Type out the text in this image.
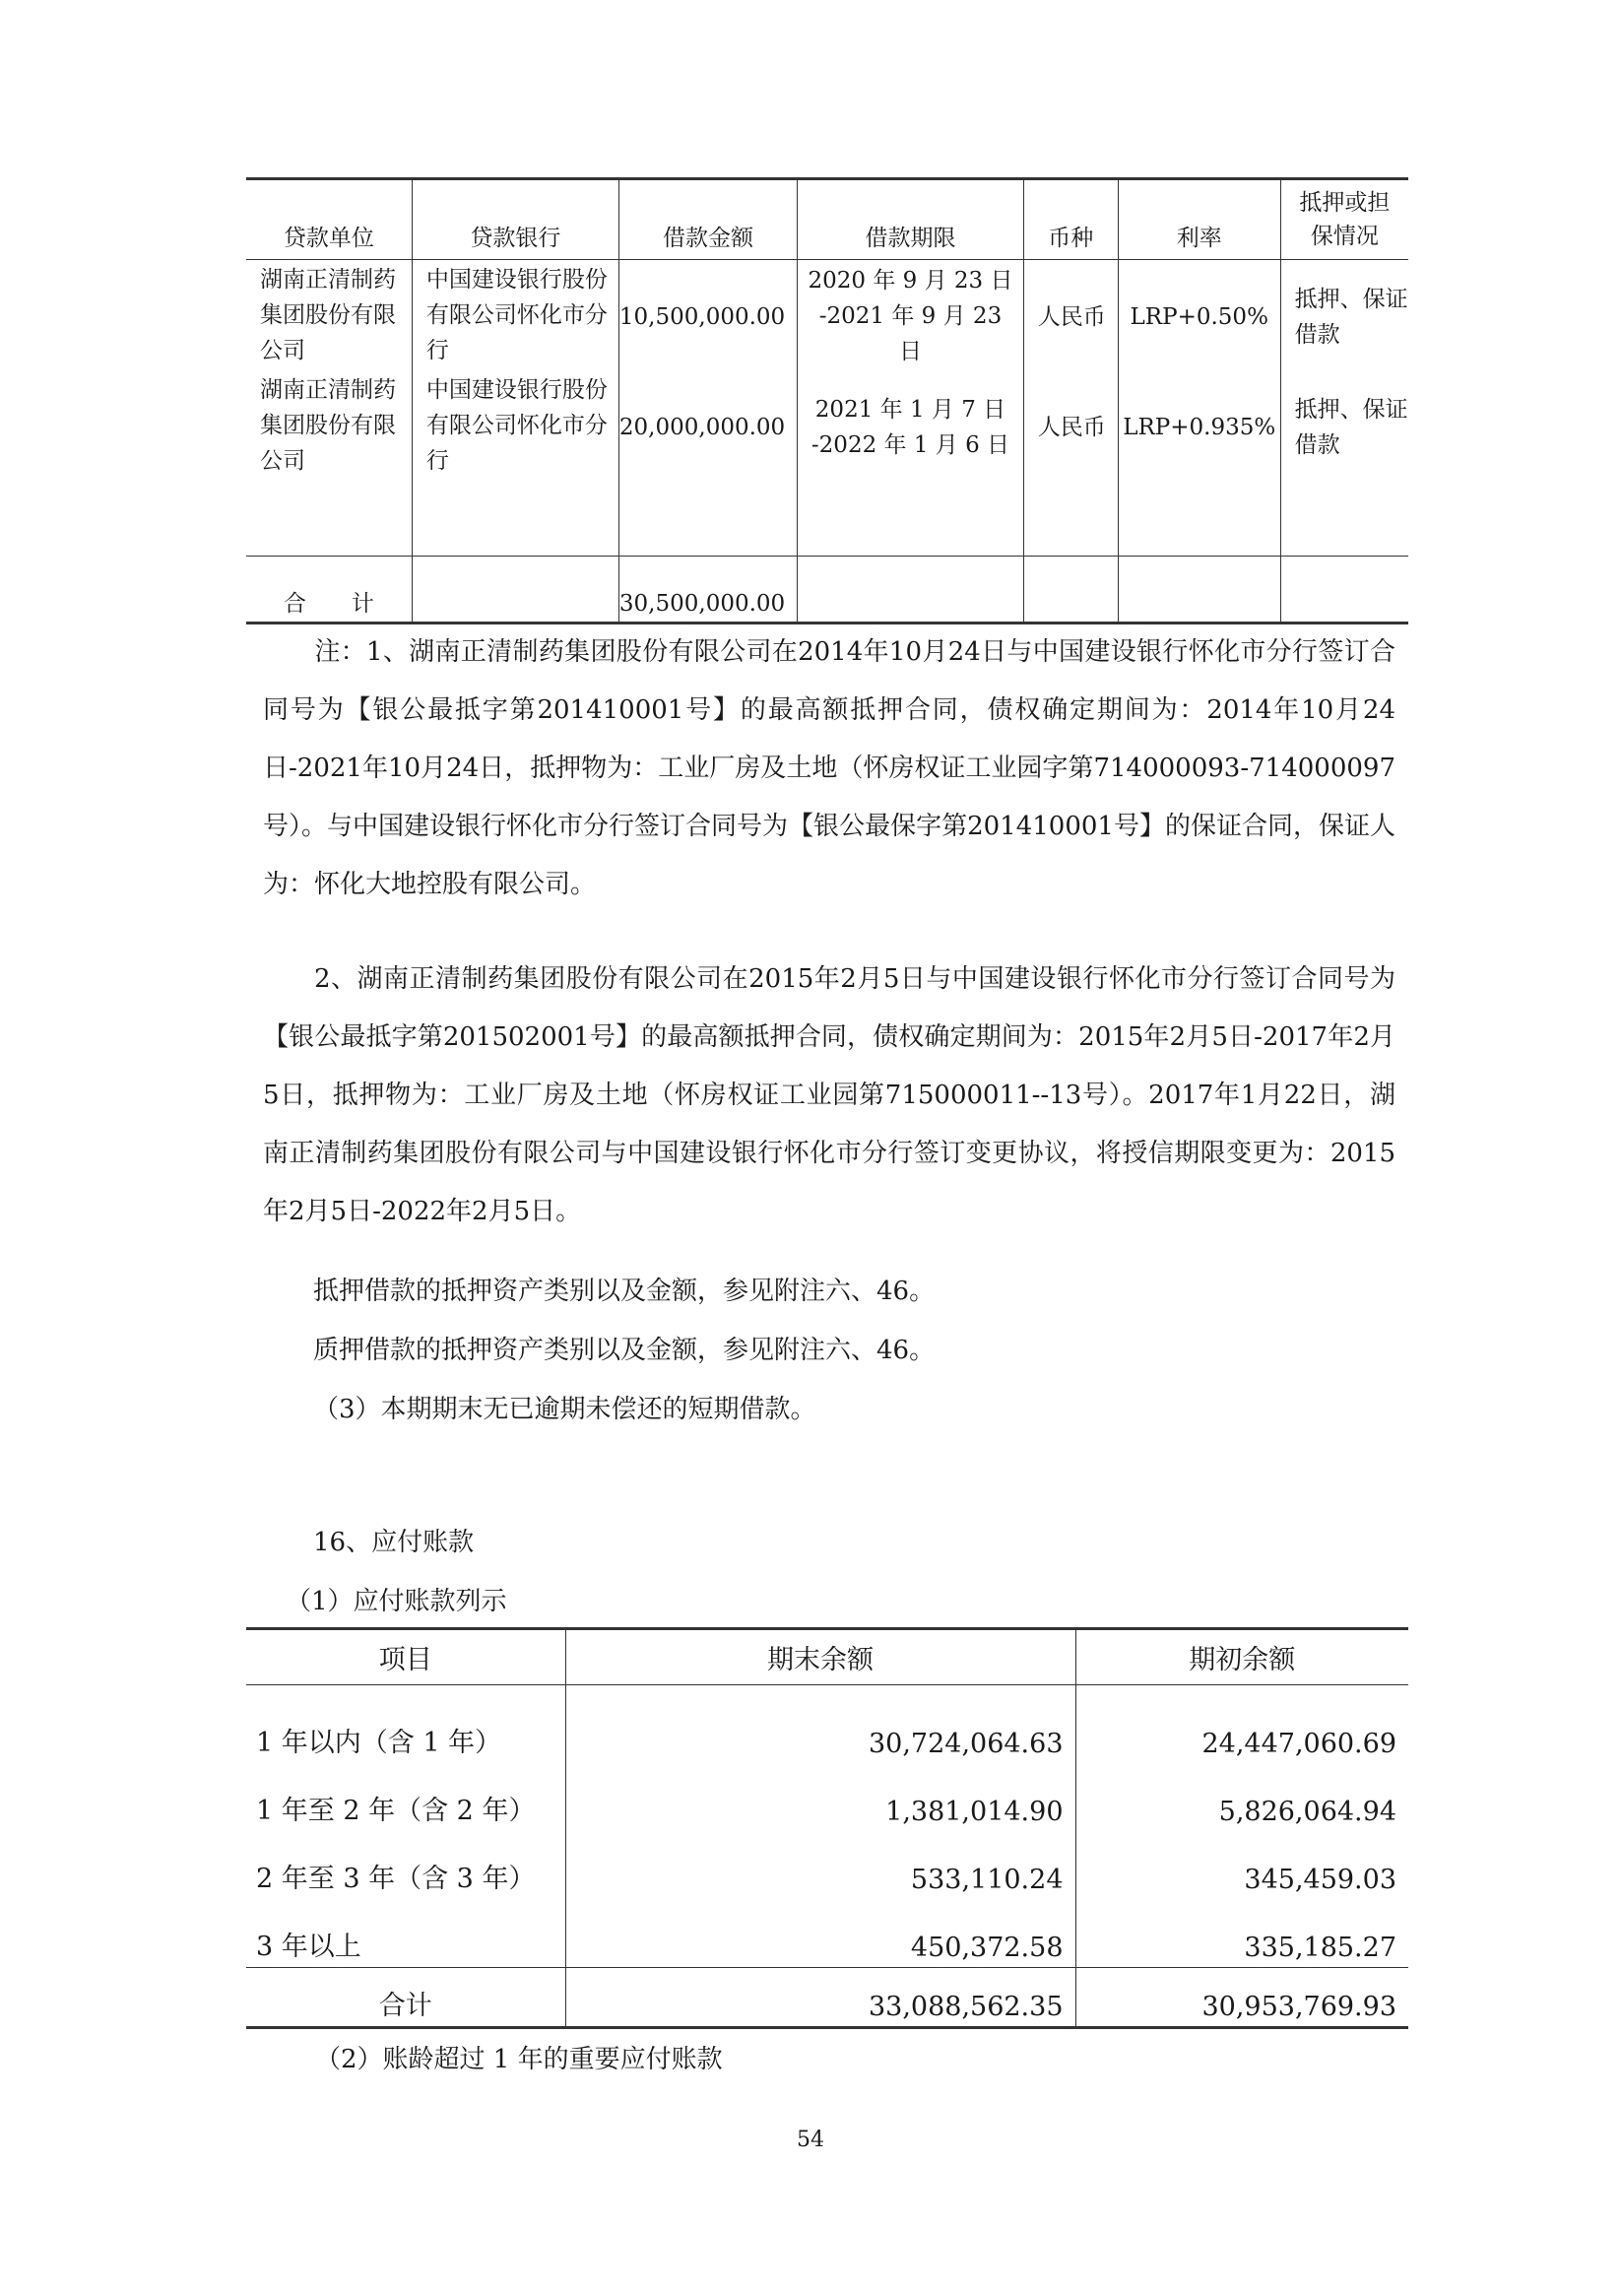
贷款单位	贷款银行	借款金额	借款期限	币种	利率	抵押或担保情况
湖南正清制药集团股份有限公司	中国建设银行股份有限公司怀化市分行	10,500,000.00	2020 年 9 月 23 日 -2021 年 9 月 23 日	人民币	LRP+0.50%	抵押、保证借款
湖南正清制药集团股份有限公司	中国建设银行股份有限公司怀化市分行	20,000,000.00	2021 年 1 月 7 日 -2022 年 1 月 6 日	人民币	LRP+0.935%	抵押、保证借款

合　　计		30,500,000.00				
注：1、湖南正清制药集团股份有限公司在2014年10月24日与中国建设银行怀化市分行签订合同号为【银公最抵字第201410001号】的最高额抵押合同，债权确定期间为：2014年10月24日-2021年10月24日，抵押物为：工业厂房及土地（怀房权证工业园字第714000093-714000097号）。与中国建设银行怀化市分行签订合同号为【银公最保字第201410001号】的保证合同，保证人为：怀化大地控股有限公司。
2、湖南正清制药集团股份有限公司在2015年2月5日与中国建设银行怀化市分行签订合同号为【银公最抵字第201502001号】的最高额抵押合同，债权确定期间为：2015年2月5日-2017年2月5日，抵押物为：工业厂房及土地（怀房权证工业园第715000011--13号）。2017年1月22日，湖南正清制药集团股份有限公司与中国建设银行怀化市分行签订变更协议，将授信期限变更为：2015年2月5日-2022年2月5日。
抵押借款的抵押资产类别以及金额，参见附注六、46。
质押借款的抵押资产类别以及金额，参见附注六、46。
（3）本期期末无已逾期未偿还的短期借款。
16、应付账款
（1）应付账款列示
项目	期末余额	期初余额
1 年以内（含 1 年）	30,724,064.63	24,447,060.69
1 年至 2 年（含 2 年）	1,381,014.90	5,826,064.94
2 年至 3 年（含 3 年）	533,110.24	345,459.03
3 年以上	450,372.58	335,185.27
合计	33,088,562.35	30,953,769.93
（2）账龄超过 1 年的重要应付账款
54
